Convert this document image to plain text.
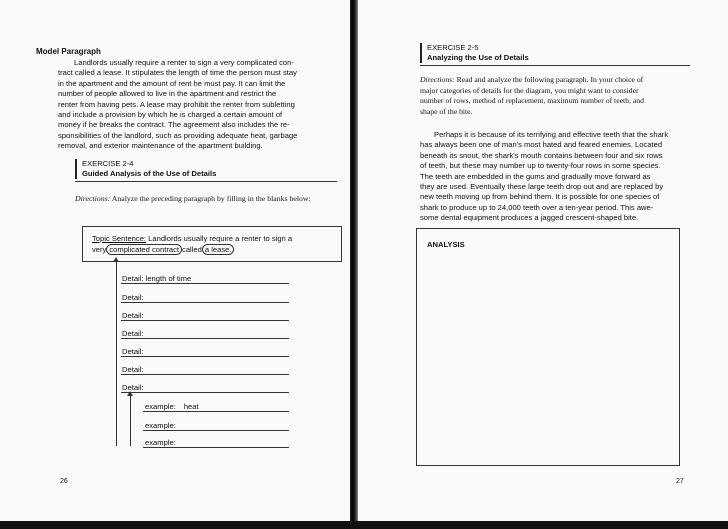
Model Paragraph
Landlords usually require a renter to sign a very complicated con-
tract called a lease. It stipulates the length of time the person must stay
in the apartment and the amount of rent he must pay. It can limit the
number of people allowed to live in the apartment and restrict the
renter from having pets. A lease may prohibit the renter from subletting
and include a provision by which he is charged a certain amount of
money if he breaks the contract. The agreement also includes the re-
sponsibilities of the landlord, such as providing adequate heat, garbage
removal, and exterior maintenance of the apartment building.
EXERCISE 2-4
Guided Analysis of the Use of Details
Directions: Analyze the preceding paragraph by filling in the blanks below:
Topic Sentence: Landlords usually require a renter to sign a
very complicated contract called a lease.
Detail: length of time
Detail:
Detail:
Detail:
Detail:
Detail:
Detail:
example: heat
example:
example:
26
EXERCISE 2-5
Analyzing the Use of Details
Directions: Read and analyze the following paragraph. In your choice of
major categories of details for the diagram, you might want to consider
number of rows, method of replacement, maximum number of teeth, and
shape of the bite.
Perhaps it is because of its terrifying and effective teeth that the shark
has always been one of man's most hated and feared enemies. Located
beneath its snout, the shark's mouth contains between four and six rows
of teeth, but these may number up to twenty-four rows in some species.
The teeth are embedded in the gums and gradually move forward as
they are used. Eventually these large teeth drop out and are replaced by
new teeth moving up from behind them. It is possible for one species of
shark to produce up to 24,000 teeth over a ten-year period. This awe-
some dental equipment produces a jagged crescent-shaped bite.
ANALYSIS
27
